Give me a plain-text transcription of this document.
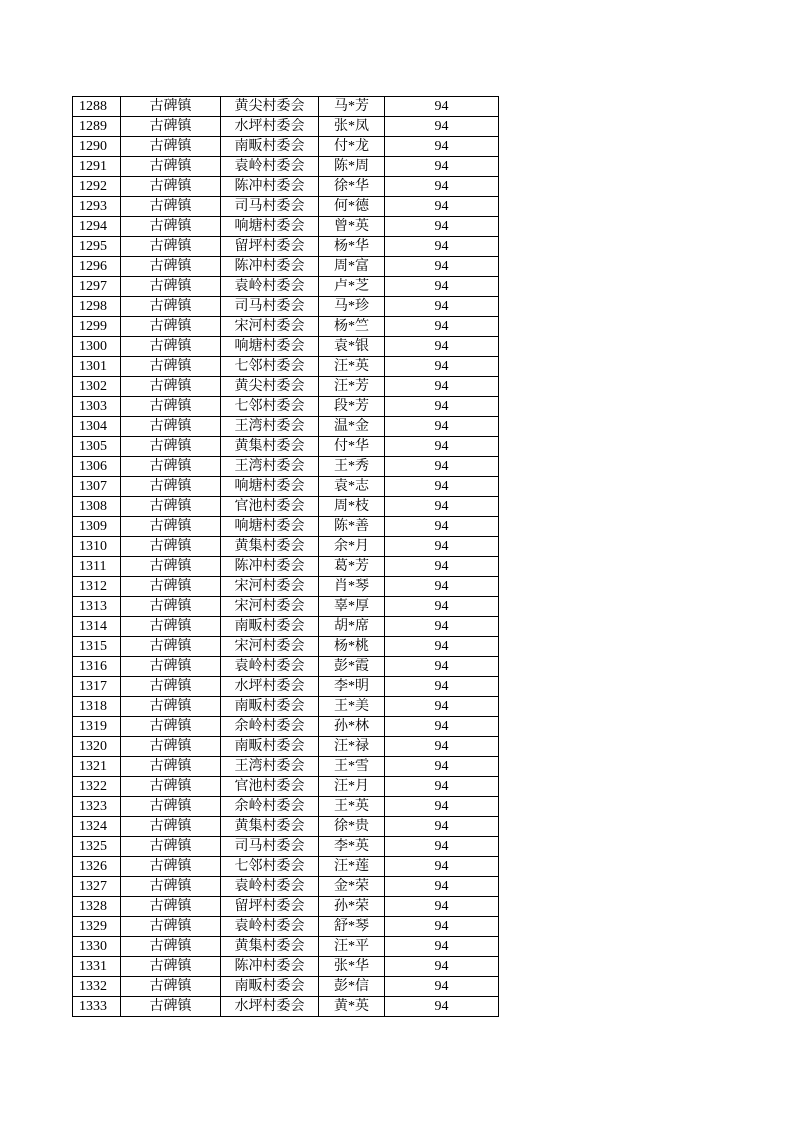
1288	古碑镇	黄尖村委会	马*芳	94
1289	古碑镇	水坪村委会	张*凤	94
1290	古碑镇	南畈村委会	付*龙	94
1291	古碑镇	袁岭村委会	陈*周	94
1292	古碑镇	陈冲村委会	徐*华	94
1293	古碑镇	司马村委会	何*德	94
1294	古碑镇	响塘村委会	曾*英	94
1295	古碑镇	留坪村委会	杨*华	94
1296	古碑镇	陈冲村委会	周*富	94
1297	古碑镇	袁岭村委会	卢*芝	94
1298	古碑镇	司马村委会	马*珍	94
1299	古碑镇	宋河村委会	杨*竺	94
1300	古碑镇	响塘村委会	袁*银	94
1301	古碑镇	七邻村委会	汪*英	94
1302	古碑镇	黄尖村委会	汪*芳	94
1303	古碑镇	七邻村委会	段*芳	94
1304	古碑镇	王湾村委会	温*金	94
1305	古碑镇	黄集村委会	付*华	94
1306	古碑镇	王湾村委会	王*秀	94
1307	古碑镇	响塘村委会	袁*志	94
1308	古碑镇	官池村委会	周*枝	94
1309	古碑镇	响塘村委会	陈*善	94
1310	古碑镇	黄集村委会	余*月	94
1311	古碑镇	陈冲村委会	葛*芳	94
1312	古碑镇	宋河村委会	肖*琴	94
1313	古碑镇	宋河村委会	辜*厚	94
1314	古碑镇	南畈村委会	胡*席	94
1315	古碑镇	宋河村委会	杨*桃	94
1316	古碑镇	袁岭村委会	彭*霞	94
1317	古碑镇	水坪村委会	李*明	94
1318	古碑镇	南畈村委会	王*美	94
1319	古碑镇	余岭村委会	孙*林	94
1320	古碑镇	南畈村委会	汪*禄	94
1321	古碑镇	王湾村委会	王*雪	94
1322	古碑镇	官池村委会	汪*月	94
1323	古碑镇	余岭村委会	王*英	94
1324	古碑镇	黄集村委会	徐*贵	94
1325	古碑镇	司马村委会	李*英	94
1326	古碑镇	七邻村委会	汪*莲	94
1327	古碑镇	袁岭村委会	金*荣	94
1328	古碑镇	留坪村委会	孙*荣	94
1329	古碑镇	袁岭村委会	舒*琴	94
1330	古碑镇	黄集村委会	汪*平	94
1331	古碑镇	陈冲村委会	张*华	94
1332	古碑镇	南畈村委会	彭*信	94
1333	古碑镇	水坪村委会	黄*英	94
